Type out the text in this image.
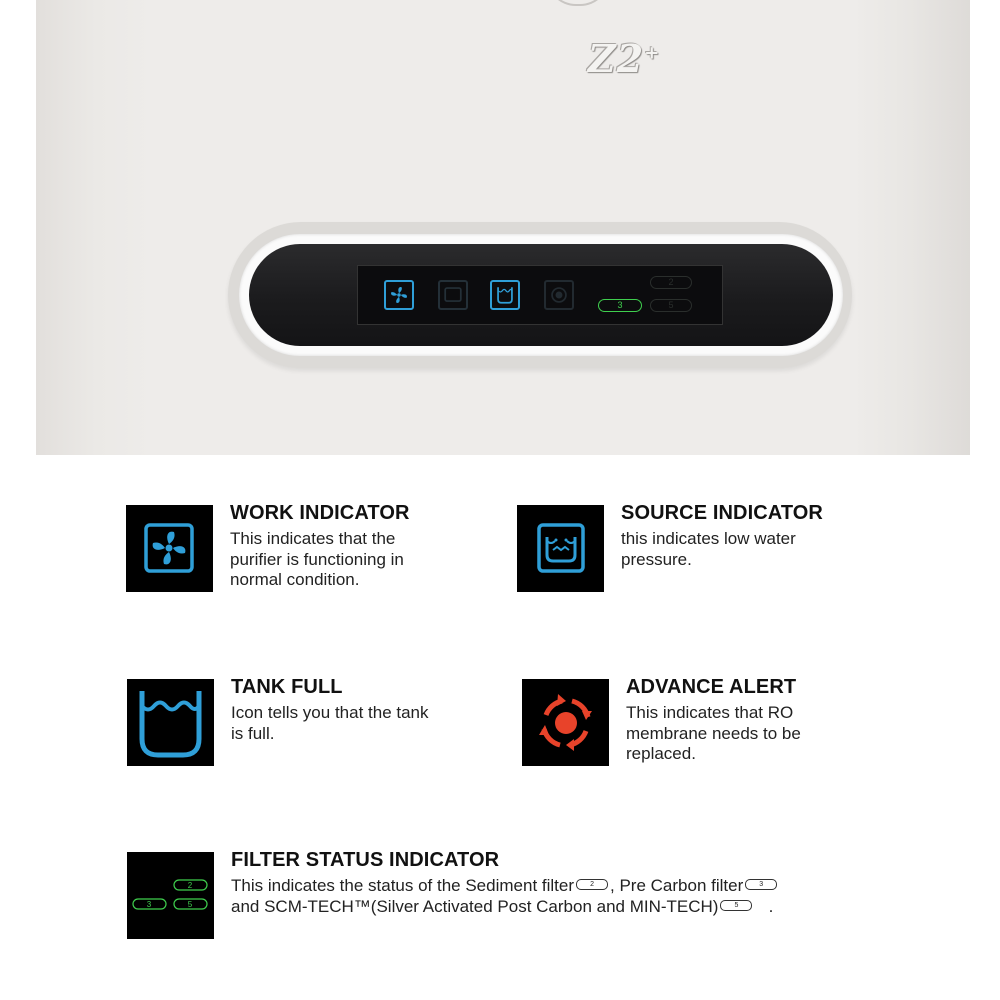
Z2+
2
3	5
WORK INDICATOR
This indicates that the purifier is functioning in normal condition.
SOURCE INDICATOR
this indicates low water pressure.
TANK FULL
Icon tells you that the tank is full.
ADVANCE ALERT
This indicates that RO membrane needs to be replaced.
2
3	5
FILTER STATUS INDICATOR
This indicates the status of the Sediment filter 2 , Pre Carbon filter 3
and SCM-TECH™(Silver Activated Post Carbon and MIN-TECH) 5 .
